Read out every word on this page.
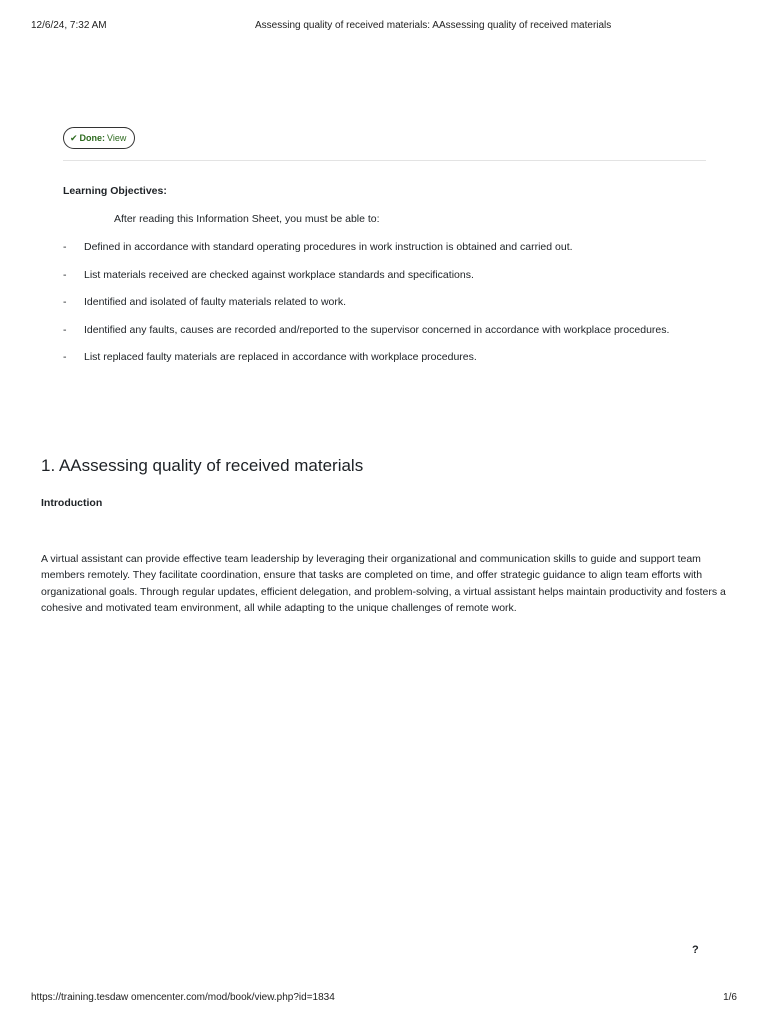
12/6/24, 7:32 AM	Assessing quality of received materials: AAssessing quality of received materials
✔ Done: View
Learning Objectives:
After reading this Information Sheet, you must be able to:
- Defined in accordance with standard operating procedures in work instruction is obtained and carried out.
- List materials received are checked against workplace standards and specifications.
- Identified and isolated of faulty materials related to work.
- Identified any faults, causes are recorded and/reported to the supervisor concerned in accordance with workplace procedures.
- List replaced faulty materials are replaced in accordance with workplace procedures.
1. AAssessing quality of received materials
Introduction

A virtual assistant can provide effective team leadership by leveraging their organizational and communication skills to guide and support team members remotely. They facilitate coordination, ensure that tasks are completed on time, and offer strategic guidance to align team efforts with organizational goals. Through regular updates, efficient delegation, and problem-solving, a virtual assistant helps maintain productivity and fosters a cohesive and motivated team environment, all while adapting to the unique challenges of remote work.

?
https://training.tesdaw omencenter.com/mod/book/view.php?id=1834	1/6
